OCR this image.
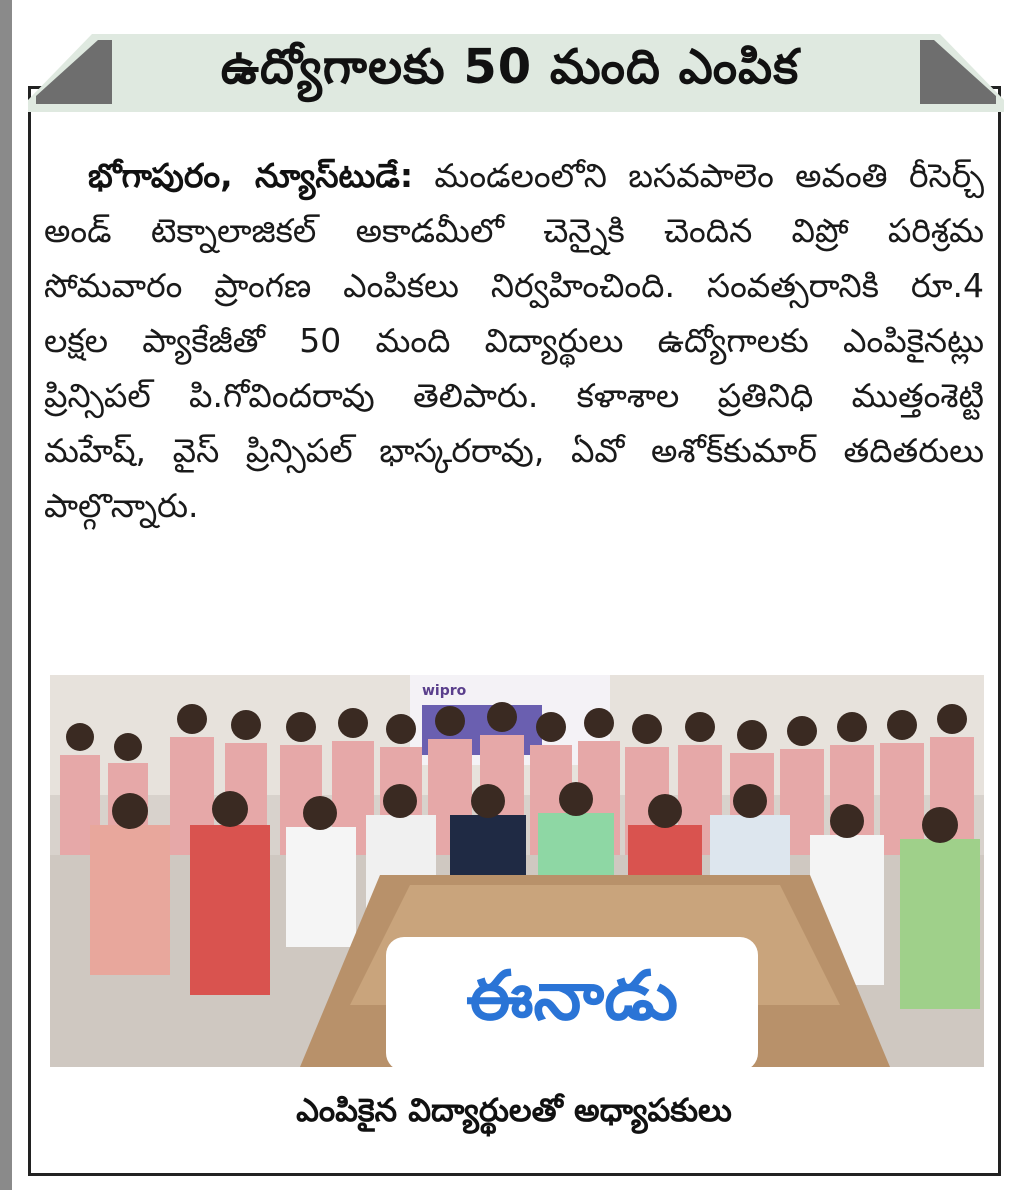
ఉద్యోగాలకు 50 మంది ఎంపిక
భోగాపురం, న్యూస్‌టుడే: మండలంలోని బసవపాలెం అవంతి రీసెర్చ్ అండ్ టెక్నాలాజికల్ అకాడమీలో చెన్నైకి చెందిన విప్రో పరిశ్రమ సోమవారం ప్రాంగణ ఎంపికలు నిర్వహించింది. సంవత్సరానికి రూ.4 లక్షల ప్యాకేజీతో 50 మంది విద్యార్థులు ఉద్యోగాలకు ఎంపికైనట్లు ప్రిన్సిపల్ పి.గోవిందరావు తెలిపారు. కళాశాల ప్రతినిధి ముత్తంశెట్టి మహేష్, వైస్ ప్రిన్సిపల్ భాస్కరరావు, ఏవో అశోక్‌కుమార్ తదితరులు పాల్గొన్నారు.
wipro
ఈనాడు
ఎంపికైన విద్యార్థులతో అధ్యాపకులు
